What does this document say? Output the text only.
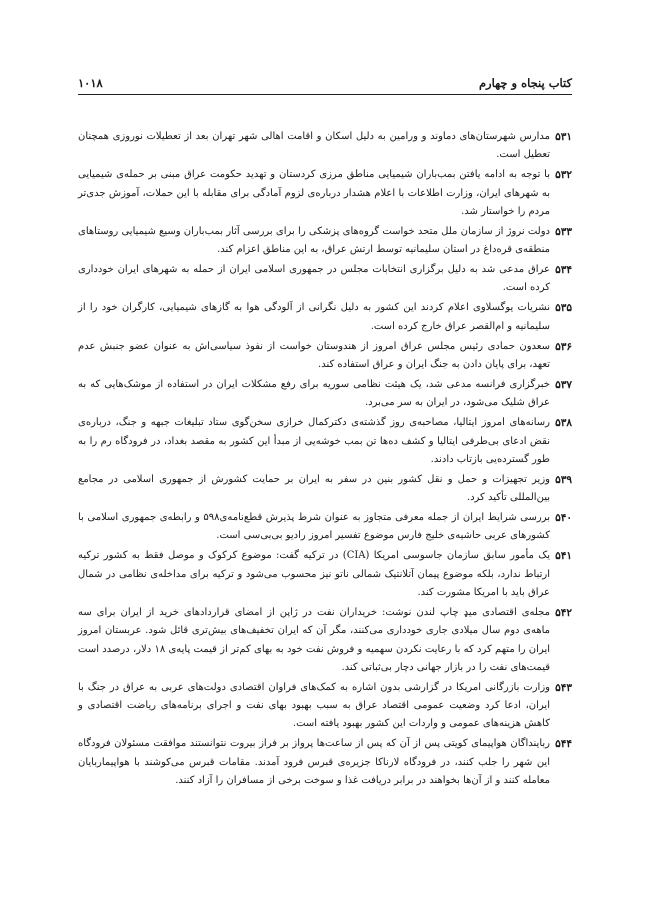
کتاب پنجاه و چهارم
۱۰۱۸
۵۳۱
مدارس شهرستان‌های دماوند و ورامین به دلیل اسکان و اقامت اهالی شهر تهران بعد از تعطیلات نوروزی همچنان تعطیل است.
۵۳۲
با توجه به ادامه یافتن بمب‌باران شیمیایی مناطق مرزی کردستان و تهدید حکومت عراق مبنی بر حمله‌ی شیمیایی به شهرهای ایران، وزارت اطلاعات با اعلام هشدار درباره‌ی لزوم آمادگی برای مقابله با این حملات، آموزش جدی‌تر مردم را خواستار شد.
۵۳۳
دولت نروژ از سازمان ملل متحد خواست گروه‌های پزشکی را برای بررسی آثار بمب‌باران وسیع شیمیایی روستاهای منطقه‌ی قره‌داغ در استان سلیمانیه توسط ارتش عراق، به این مناطق اعزام کند.
۵۳۴
عراق مدعی شد به دلیل برگزاری انتخابات مجلس در جمهوری اسلامی ایران از حمله به شهرهای ایران خودداری کرده است.
۵۳۵
نشریات یوگسلاوی اعلام کردند این کشور به دلیل نگرانی از آلودگی هوا به گازهای شیمیایی، کارگران خود را از سلیمانیه و ام‌القصر عراق خارج کرده است.
۵۳۶
سعدون حمادی رئیس مجلس عراق امروز از هندوستان خواست از نفوذ سیاسی‌اش به عنوان عضو جنبش عدم تعهد، برای پایان دادن به جنگ ایران و عراق استفاده کند.
۵۳۷
خبرگزاری فرانسه مدعی شد، یک هیئت نظامی سوریه برای رفع مشکلات ایران در استفاده از موشک‌هایی که به عراق شلیک می‌شود، در ایران به سر می‌برد.
۵۳۸
رسانه‌های امروز ایتالیا، مصاحبه‌ی روز گذشته‌ی دکترکمال خرازی سخن‌گوی ستاد تبلیغات جبهه و جنگ، درباره‌ی نقض ادعای بی‌طرفی ایتالیا و کشف ده‌ها تن بمب خوشه‌یی از مبدأ این کشور به مقصد بغداد، در فرودگاه رم را به طور گسترده‌یی بازتاب دادند.
۵۳۹
وزیر تجهیزات و حمل و نقل کشور بنین در سفر به ایران بر حمایت کشورش از جمهوری اسلامی در مجامع بین‌المللی تأکید کرد.
۵۴۰
بررسی شرایط ایران از جمله معرفی متجاوز به عنوان شرط پذیرش قطع‌نامه‌ی۵۹۸ و رابطه‌ی جمهوری اسلامی با کشورهای عربی حاشیه‌ی خلیج فارس موضوع تفسیر امروز رادیو بی‌بی‌سی است.
۵۴۱
یک مأمور سابق سازمان جاسوسی امریکا (CIA) در ترکیه گفت: موضوع کرکوک و موصل فقط به کشور ترکیه ارتباط ندارد، بلکه موضوع پیمان آتلانتیک شمالی ناتو نیز محسوب می‌شود و ترکیه برای مداخله‌ی نظامی در شمال عراق باید با امریکا مشورت کند.
۵۴۲
مجله‌ی اقتصادی میډ چاپ لندن نوشت: خریداران نفت در ژاپن از امضای قراردادهای خرید از ایران برای سه ماهه‌ی دوم سال میلادی جاری خودداری می‌کنند، مگر آن که ایران تخفیف‌های بیش‌تری قائل شود. عربستان امروز ایران را متهم کرد که با رعایت نکردن سهمیه و فروش نفت خود به بهای کم‌تر از قیمت پایه‌ی ۱۸ دلار، درصدد است قیمت‌های نفت را در بازار جهانی دچار بی‌ثباتی کند.
۵۴۳
وزارت بازرگانی امریکا در گزارشی بدون اشاره به کمک‌های فراوان اقتصادی دولت‌های عربی به عراق در جنگ با ایران، ادعا کرد وضعیت عمومی اقتصاد عراق به سبب بهبود بهای نفت و اجرای برنامه‌های ریاضت اقتصادی و کاهش هزینه‌های عمومی و واردات این کشور بهبود یافته است.
۵۴۴
رباینداگان هواپیمای کویتی پس از آن که پس از ساعت‌ها پرواز بر فراز بیروت نتوانستند موافقت مسئولان فرودگاه این شهر را جلب کنند، در فرودگاه لارناکا جزیره‌ی قبرس فرود آمدند. مقامات قبرس می‌کوشند با هواپیماربایان معامله کنند و از آن‌ها بخواهند در برابر دریافت غذا و سوخت برخی از مسافران را آزاد کنند.
